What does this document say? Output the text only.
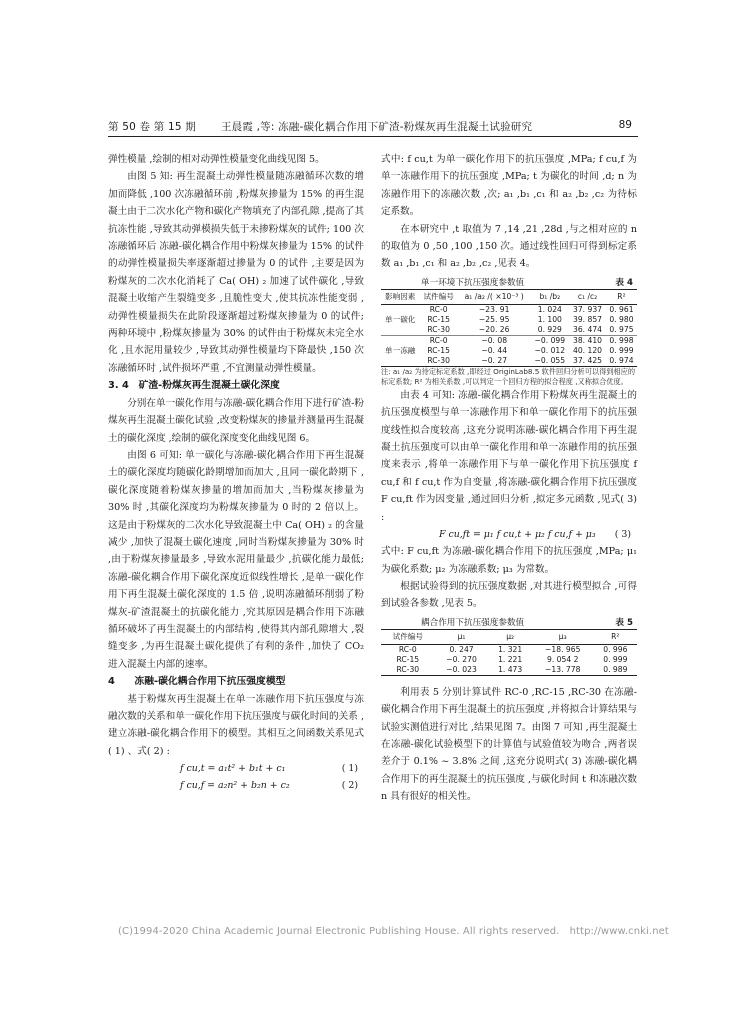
第 50 卷 第 15 期　　 王晨霞 ,等: 冻融-碳化耦合作用下矿渣-粉煤灰再生混凝土试验研究	89

弹性模量 ,绘制的相对动弹性模量变化曲线见图 5。

由图 5 知: 再生混凝土动弹性模量随冻融循环次数的增加而降低 ,100 次冻融循环前 ,粉煤灰掺量为 15% 的再生混凝土由于二次水化产物和碳化产物填充了内部孔隙 ,提高了其抗冻性能 ,导致其动弹模损失低于未掺粉煤灰的试件; 100 次冻融循环后 冻融-碳化耦合作用中粉煤灰掺量为 15% 的试件的动弹性模量损失率逐渐超过掺量为 0 的试件 ,主要是因为粉煤灰的二次水化消耗了 Ca( OH) ₂ 加速了试件碳化 ,导致混凝土收缩产生裂缝变多 ,且脆性变大 ,使其抗冻性能变弱 ,动弹性模量损失在此阶段逐渐超过粉煤灰掺量为 0 的试件; 两种环境中 ,粉煤灰掺量为 30% 的试件由于粉煤灰未完全水化 ,且水泥用量较少 ,导致其动弹性模量均下降最快 ,150 次冻融循环时 ,试件损坏严重 ,不宜测量动弹性模量。

3. 4　矿渣-粉煤灰再生混凝土碳化深度

分别在单一碳化作用与冻融-碳化耦合作用下进行矿渣-粉煤灰再生混凝土碳化试验 ,改变粉煤灰的掺量并测量再生混凝土的碳化深度 ,绘制的碳化深度变化曲线见图 6。

由图 6 可知: 单一碳化与冻融-碳化耦合作用下再生混凝土的碳化深度均随碳化龄期增加而加大 ,且同一碳化龄期下 ,碳化深度随着粉煤灰掺量的增加而加大 ,当粉煤灰掺量为 30% 时 ,其碳化深度均为粉煤灰掺量为 0 时的 2 倍以上。这是由于粉煤灰的二次水化导致混凝土中 Ca( OH) ₂ 的含量减少 ,加快了混凝土碳化速度 ,同时当粉煤灰掺量为 30% 时 ,由于粉煤灰掺量最多 ,导致水泥用量最少 ,抗碳化能力最低; 冻融-碳化耦合作用下碳化深度近似线性增长 ,是单一碳化作用下再生混凝土碳化深度的 1.5 倍 ,说明冻融循环削弱了粉煤灰-矿渣混凝土的抗碳化能力 ,究其原因是耦合作用下冻融循环破坏了再生混凝土的内部结构 ,使得其内部孔隙增大 ,裂缝变多 ,为再生混凝土碳化提供了有利的条件 ,加快了 CO₂ 进入混凝土内部的速率。

4　　冻融-碳化耦合作用下抗压强度模型

基于粉煤灰再生混凝土在单一冻融作用下抗压强度与冻融次数的关系和单一碳化作用下抗压强度与碳化时间的关系 ,建立冻融-碳化耦合作用下的模型。其相互之间函数关系见式( 1) 、式( 2) :

f cu,t = a₁t² + b₁t + c₁	( 1)
f cu,f = a₂n² + b₂n + c₂	( 2)

式中: f cu,t 为单一碳化作用下的抗压强度 ,MPa; f cu,f 为单一冻融作用下的抗压强度 ,MPa; t 为碳化的时间 ,d; n 为冻融作用下的冻融次数 ,次; a₁ ,b₁ ,c₁ 和 a₂ ,b₂ ,c₂ 为待标定系数。

在本研究中 ,t 取值为 7 ,14 ,21 ,28d ,与之相对应的 n 的取值为 0 ,50 ,100 ,150 次。通过线性回归可得到标定系数 a₁ ,b₁ ,c₁ 和 a₂ ,b₂ ,c₂ ,见表 4。

单一环境下抗压强度参数值	表 4
影响因素	试件编号	a₁ /a₂ /( ×10⁻³ )	b₁ /b₂	c₁ /c₂	R²
单一碳化	RC-0	−23. 91	1. 024	37. 937	0. 961
	RC-15	−25. 95	1. 100	39. 857	0. 980
	RC-30	−20. 26	0. 929	36. 474	0. 975
单一冻融	RC-0	−0. 08	−0. 099	38. 410	0. 998
	RC-15	−0. 44	−0. 012	40. 120	0. 999
	RC-30	−0. 27	−0. 055	37. 425	0. 974

注: a₁ /a₂ 为待定标定系数 ,即经过 OriginLab8.5 软件回归分析可以得到相应的标定系数; R² 为相关系数 ,可以判定一个回归方程的拟合程度 ,又称拟合优度。

由表 4 可知: 冻融-碳化耦合作用下粉煤灰再生混凝土的抗压强度模型与单一冻融作用下和单一碳化作用下的抗压强度线性拟合度较高 ,这充分说明冻融-碳化耦合作用下再生混凝土抗压强度可以由单一碳化作用和单一冻融作用的抗压强度来表示 ,将单一冻融作用下与单一碳化作用下抗压强度 f cu,f 和 f cu,t 作为自变量 ,将冻融-碳化耦合作用下抗压强度 F cu,ft 作为因变量 ,通过回归分析 ,拟定多元函数 ,见式( 3) :

F cu,ft = μ₁ f cu,t + μ₂ f cu,f + μ₃ ( 3)

式中: F cu,ft 为冻融-碳化耦合作用下的抗压强度 ,MPa; μ₁ 为碳化系数; μ₂ 为冻融系数; μ₃ 为常数。

根据试验得到的抗压强度数据 ,对其进行模型拟合 ,可得到试验各参数 ,见表 5。

耦合作用下抗压强度参数值	表 5
试件编号	μ₁	μ₂	μ₃	R²
RC-0	0. 247	1. 321	−18. 965	0. 996
RC-15	−0. 270	1. 221	9. 054 2	0. 999
RC-30	−0. 023	1. 473	−13. 778	0. 989

利用表 5 分别计算试件 RC-0 ,RC-15 ,RC-30 在冻融-碳化耦合作用下再生混凝土的抗压强度 ,并将拟合计算结果与试验实测值进行对比 ,结果见图 7。由图 7 可知 ,再生混凝土在冻融-碳化试验模型下的计算值与试验值较为吻合 ,两者误差介于 0.1% ~ 3.8% 之间 ,这充分说明式( 3) 冻融-碳化耦合作用下的再生混凝土的抗压强度 ,与碳化时间 t 和冻融次数 n 具有很好的相关性。

(C)1994-2020 China Academic Journal Electronic Publishing House. All rights reserved.　http://www.cnki.net
